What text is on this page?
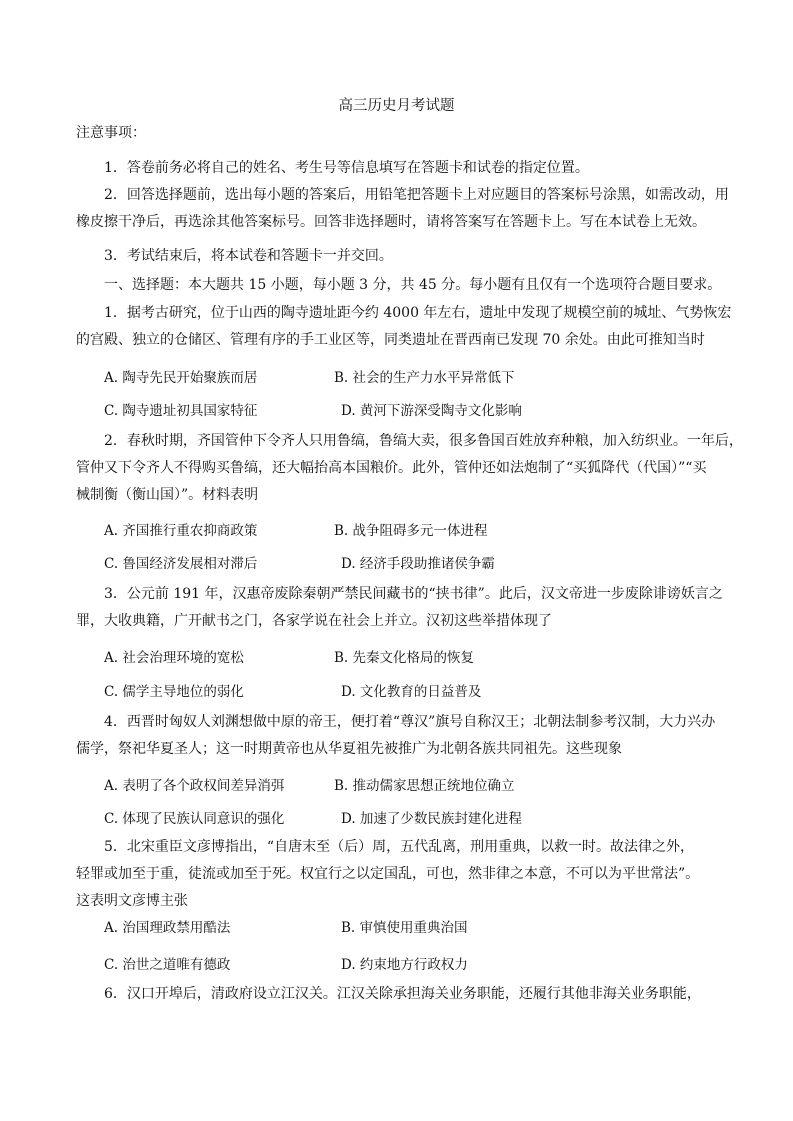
高三历史月考试题
注意事项：
1．答卷前务必将自己的姓名、考生号等信息填写在答题卡和试卷的指定位置。
2．回答选择题前，选出每小题的答案后，用铅笔把答题卡上对应题目的答案标号涂黑，如需改动，用
橡皮擦干净后，再选涂其他答案标号。回答非选择题时，请将答案写在答题卡上。写在本试卷上无效。
3．考试结束后，将本试卷和答题卡一并交回。
一、选择题：本大题共 15 小题，每小题 3 分，共 45 分。每小题有且仅有一个选项符合题目要求。
1．据考古研究，位于山西的陶寺遗址距今约 4000 年左右，遗址中发现了规模空前的城址、气势恢宏
的宫殿、独立的仓储区、管理有序的手工业区等，同类遗址在晋西南已发现 70 余处。由此可推知当时
A. 陶寺先民开始聚族而居	B. 社会的生产力水平异常低下
C. 陶寺遗址初具国家特征	D. 黄河下游深受陶寺文化影响
2．春秋时期，齐国管仲下令齐人只用鲁缟，鲁缟大卖，很多鲁国百姓放弃种粮，加入纺织业。一年后，
管仲又下令齐人不得购买鲁缟，还大幅抬高本国粮价。此外，管仲还如法炮制了“买狐降代（代国）”“买
械制衡（衡山国）”。材料表明
A. 齐国推行重农抑商政策	B. 战争阻碍多元一体进程
C. 鲁国经济发展相对滞后	D. 经济手段助推诸侯争霸
3．公元前 191 年，汉惠帝废除秦朝严禁民间藏书的“挟书律”。此后，汉文帝进一步废除诽谤妖言之
罪，大收典籍，广开献书之门，各家学说在社会上并立。汉初这些举措体现了
A. 社会治理环境的宽松	B. 先秦文化格局的恢复
C. 儒学主导地位的弱化	D. 文化教育的日益普及
4．西晋时匈奴人刘渊想做中原的帝王，便打着“尊汉”旗号自称汉王；北朝法制参考汉制，大力兴办
儒学，祭祀华夏圣人；这一时期黄帝也从华夏祖先被推广为北朝各族共同祖先。这些现象
A. 表明了各个政权间差异消弭	B. 推动儒家思想正统地位确立
C. 体现了民族认同意识的强化	D. 加速了少数民族封建化进程
5．北宋重臣文彦博指出，“自唐末至（后）周，五代乱离，刑用重典，以救一时。故法律之外，
轻罪或加至于重，徒流或加至于死。权宜行之以定国乱，可也，然非律之本意，不可以为平世常法”。
这表明文彦博主张
A. 治国理政禁用酷法	B. 审慎使用重典治国
C. 治世之道唯有德政	D. 约束地方行政权力
6．汉口开埠后，清政府设立江汉关。江汉关除承担海关业务职能，还履行其他非海关业务职能，
